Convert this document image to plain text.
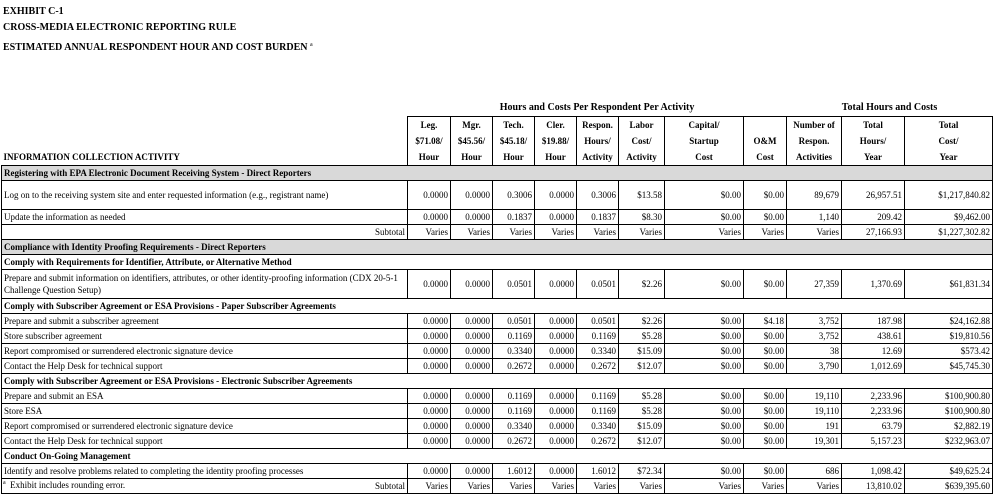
EXHIBIT C-1
CROSS-MEDIA ELECTRONIC REPORTING RULE
ESTIMATED ANNUAL RESPONDENT HOUR AND COST BURDEN $^a$
	Hours and Costs Per Respondent Per Activity								Total Hours and Costs		

INFORMATION COLLECTION ACTIVITY	Leg.
$71.08/
Hour	Mgr.
$45.56/
Hour	Tech.
$45.18/
Hour	Cler.
$19.88/
Hour	Respon.
Hours/
Activity	Labor
Cost/
Activity	Capital/
Startup
Cost	O&M
Cost	Number of
Respon.
Activities	Total
Hours/
Year	Total
Cost/
Year
Registering with EPA Electronic Document Receiving System - Direct Reporters											
Log on to the receiving system site and enter requested information (e.g., registrant name)	0.0000	0.0000	0.3006	0.0000	0.3006	$13.58	$0.00	$0.00	89,679	26,957.51	$1,217,840.82
Update the information as needed	0.0000	0.0000	0.1837	0.0000	0.1837	$8.30	$0.00	$0.00	1,140	209.42	$9,462.00
Subtotal	Varies	Varies	Varies	Varies	Varies	Varies	Varies	Varies	Varies	27,166.93	$1,227,302.82
Compliance with Identity Proofing Requirements - Direct Reporters											
Comply with Requirements for Identifier, Attribute, or Alternative Method											
Prepare and submit information on identifiers, attributes, or other identity-proofing information (CDX 20-5-1 Challenge Question Setup)	0.0000	0.0000	0.0501	0.0000	0.0501	$2.26	$0.00	$0.00	27,359	1,370.69	$61,831.34
Comply with Subscriber Agreement or ESA Provisions - Paper Subscriber Agreements											
Prepare and submit a subscriber agreement	0.0000	0.0000	0.0501	0.0000	0.0501	$2.26	$0.00	$4.18	3,752	187.98	$24,162.88
Store subscriber agreement	0.0000	0.0000	0.1169	0.0000	0.1169	$5.28	$0.00	$0.00	3,752	438.61	$19,810.56
Report compromised or surrendered electronic signature device	0.0000	0.0000	0.3340	0.0000	0.3340	$15.09	$0.00	$0.00	38	12.69	$573.42
Contact the Help Desk for technical support	0.0000	0.0000	0.2672	0.0000	0.2672	$12.07	$0.00	$0.00	3,790	1,012.69	$45,745.30
Comply with Subscriber Agreement or ESA Provisions - Electronic Subscriber Agreements											
Prepare and submit an ESA	0.0000	0.0000	0.1169	0.0000	0.1169	$5.28	$0.00	$0.00	19,110	2,233.96	$100,900.80
Store ESA	0.0000	0.0000	0.1169	0.0000	0.1169	$5.28	$0.00	$0.00	19,110	2,233.96	$100,900.80
Report compromised or surrendered electronic signature device	0.0000	0.0000	0.3340	0.0000	0.3340	$15.09	$0.00	$0.00	191	63.79	$2,882.19
Contact the Help Desk for technical support	0.0000	0.0000	0.2672	0.0000	0.2672	$12.07	$0.00	$0.00	19,301	5,157.23	$232,963.07
Conduct On-Going Management											
Identify and resolve problems related to completing the identity proofing processes	0.0000	0.0000	1.6012	0.0000	1.6012	$72.34	$0.00	$0.00	686	1,098.42	$49,625.24
Subtotal	Varies	Varies	Varies	Varies	Varies	Varies	Varies	Varies	Varies	13,810.02	$639,395.60
$^a$ Exhibit includes rounding error.
